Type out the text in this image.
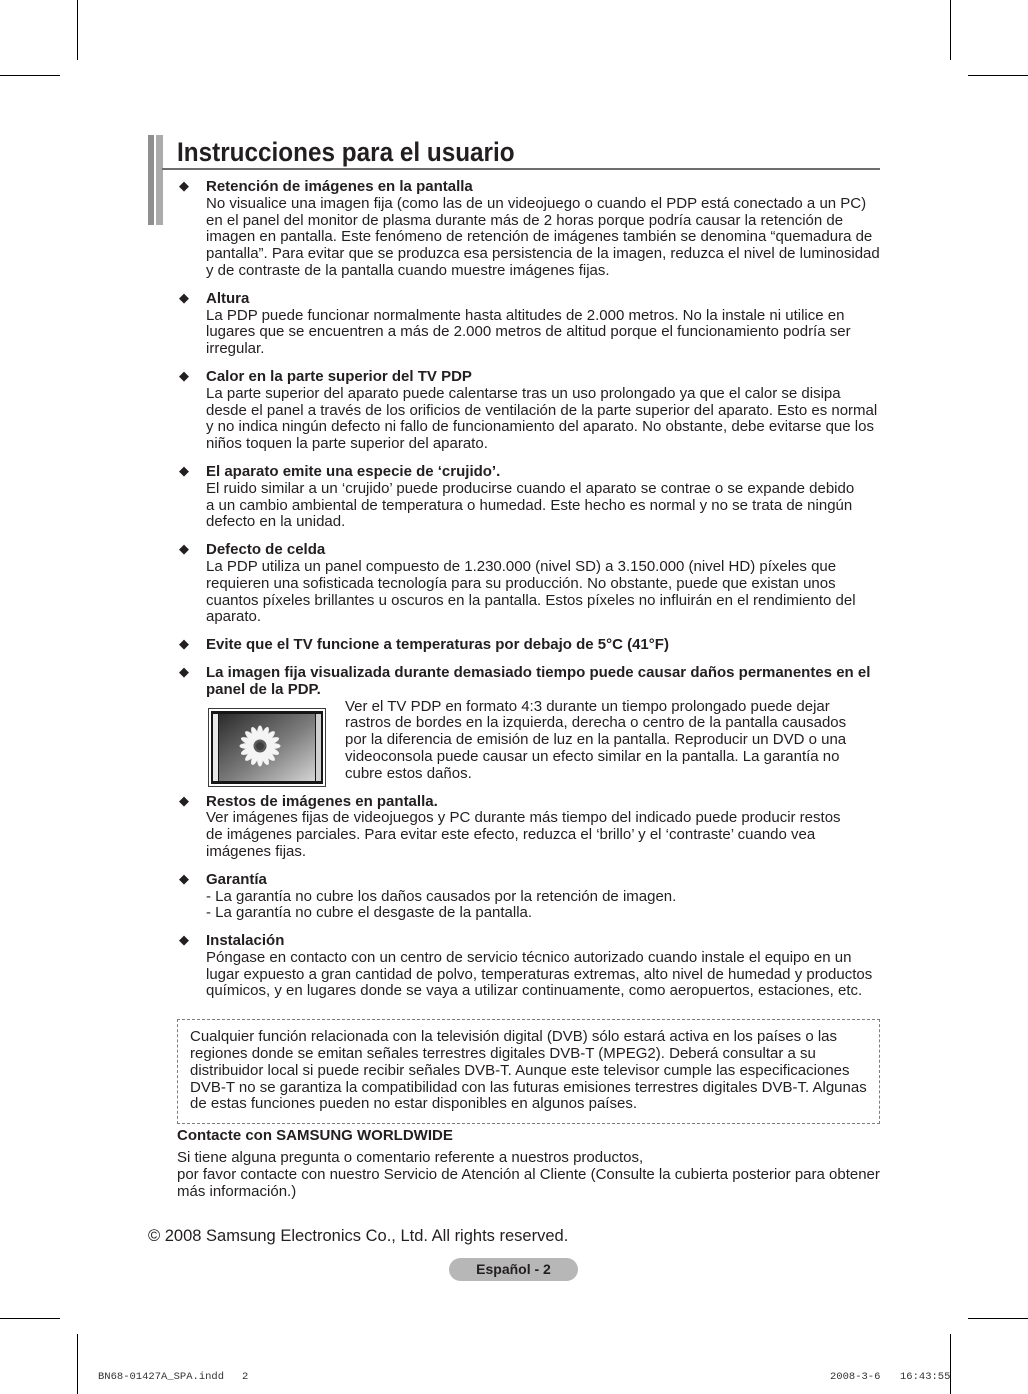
Instrucciones para el usuario
◆ Retención de imágenes en la pantalla
No visualice una imagen fija (como las de un videojuego o cuando el PDP está conectado a un PC)
en el panel del monitor de plasma durante más de 2 horas porque podría causar la retención de
imagen en pantalla. Este fenómeno de retención de imágenes también se denomina “quemadura de
pantalla”. Para evitar que se produzca esa persistencia de la imagen, reduzca el nivel de luminosidad
y de contraste de la pantalla cuando muestre imágenes fijas.
◆ Altura
La PDP puede funcionar normalmente hasta altitudes de 2.000 metros. No la instale ni utilice en
lugares que se encuentren a más de 2.000 metros de altitud porque el funcionamiento podría ser
irregular.
◆ Calor en la parte superior del TV PDP
La parte superior del aparato puede calentarse tras un uso prolongado ya que el calor se disipa
desde el panel a través de los orificios de ventilación de la parte superior del aparato. Esto es normal
y no indica ningún defecto ni fallo de funcionamiento del aparato. No obstante, debe evitarse que los
niños toquen la parte superior del aparato.
◆ El aparato emite una especie de ‘crujido’.
El ruido similar a un ‘crujido’ puede producirse cuando el aparato se contrae o se expande debido
a un cambio ambiental de temperatura o humedad. Este hecho es normal y no se trata de ningún
defecto en la unidad.
◆ Defecto de celda
La PDP utiliza un panel compuesto de 1.230.000 (nivel SD) a 3.150.000 (nivel HD) píxeles que
requieren una sofisticada tecnología para su producción. No obstante, puede que existan unos
cuantos píxeles brillantes u oscuros en la pantalla. Estos píxeles no influirán en el rendimiento del
aparato.
◆ Evite que el TV funcione a temperaturas por debajo de 5°C (41°F)
◆ La imagen fija visualizada durante demasiado tiempo puede causar daños permanentes en el
panel de la PDP.
Ver el TV PDP en formato 4:3 durante un tiempo prolongado puede dejar
rastros de bordes en la izquierda, derecha o centro de la pantalla causados
por la diferencia de emisión de luz en la pantalla. Reproducir un DVD o una
videoconsola puede causar un efecto similar en la pantalla. La garantía no
cubre estos daños.
◆ Restos de imágenes en pantalla.
Ver imágenes fijas de videojuegos y PC durante más tiempo del indicado puede producir restos
de imágenes parciales. Para evitar este efecto, reduzca el ‘brillo’ y el ‘contraste’ cuando vea
imágenes fijas.
◆ Garantía
- La garantía no cubre los daños causados por la retención de imagen.
- La garantía no cubre el desgaste de la pantalla.
◆ Instalación
Póngase en contacto con un centro de servicio técnico autorizado cuando instale el equipo en un
lugar expuesto a gran cantidad de polvo, temperaturas extremas, alto nivel de humedad y productos
químicos, y en lugares donde se vaya a utilizar continuamente, como aeropuertos, estaciones, etc.
Cualquier función relacionada con la televisión digital (DVB) sólo estará activa en los países o las
regiones donde se emitan señales terrestres digitales DVB-T (MPEG2). Deberá consultar a su
distribuidor local si puede recibir señales DVB-T. Aunque este televisor cumple las especificaciones
DVB-T no se garantiza la compatibilidad con las futuras emisiones terrestres digitales DVB-T. Algunas
de estas funciones pueden no estar disponibles en algunos países.
Contacte con SAMSUNG WORLDWIDE
Si tiene alguna pregunta o comentario referente a nuestros productos,
por favor contacte con nuestro Servicio de Atención al Cliente (Consulte la cubierta posterior para obtener
más información.)
© 2008 Samsung Electronics Co., Ltd. All rights reserved.
Español - 2
BN68-01427A_SPA.indd 2	2008-3-6 16:43:55
